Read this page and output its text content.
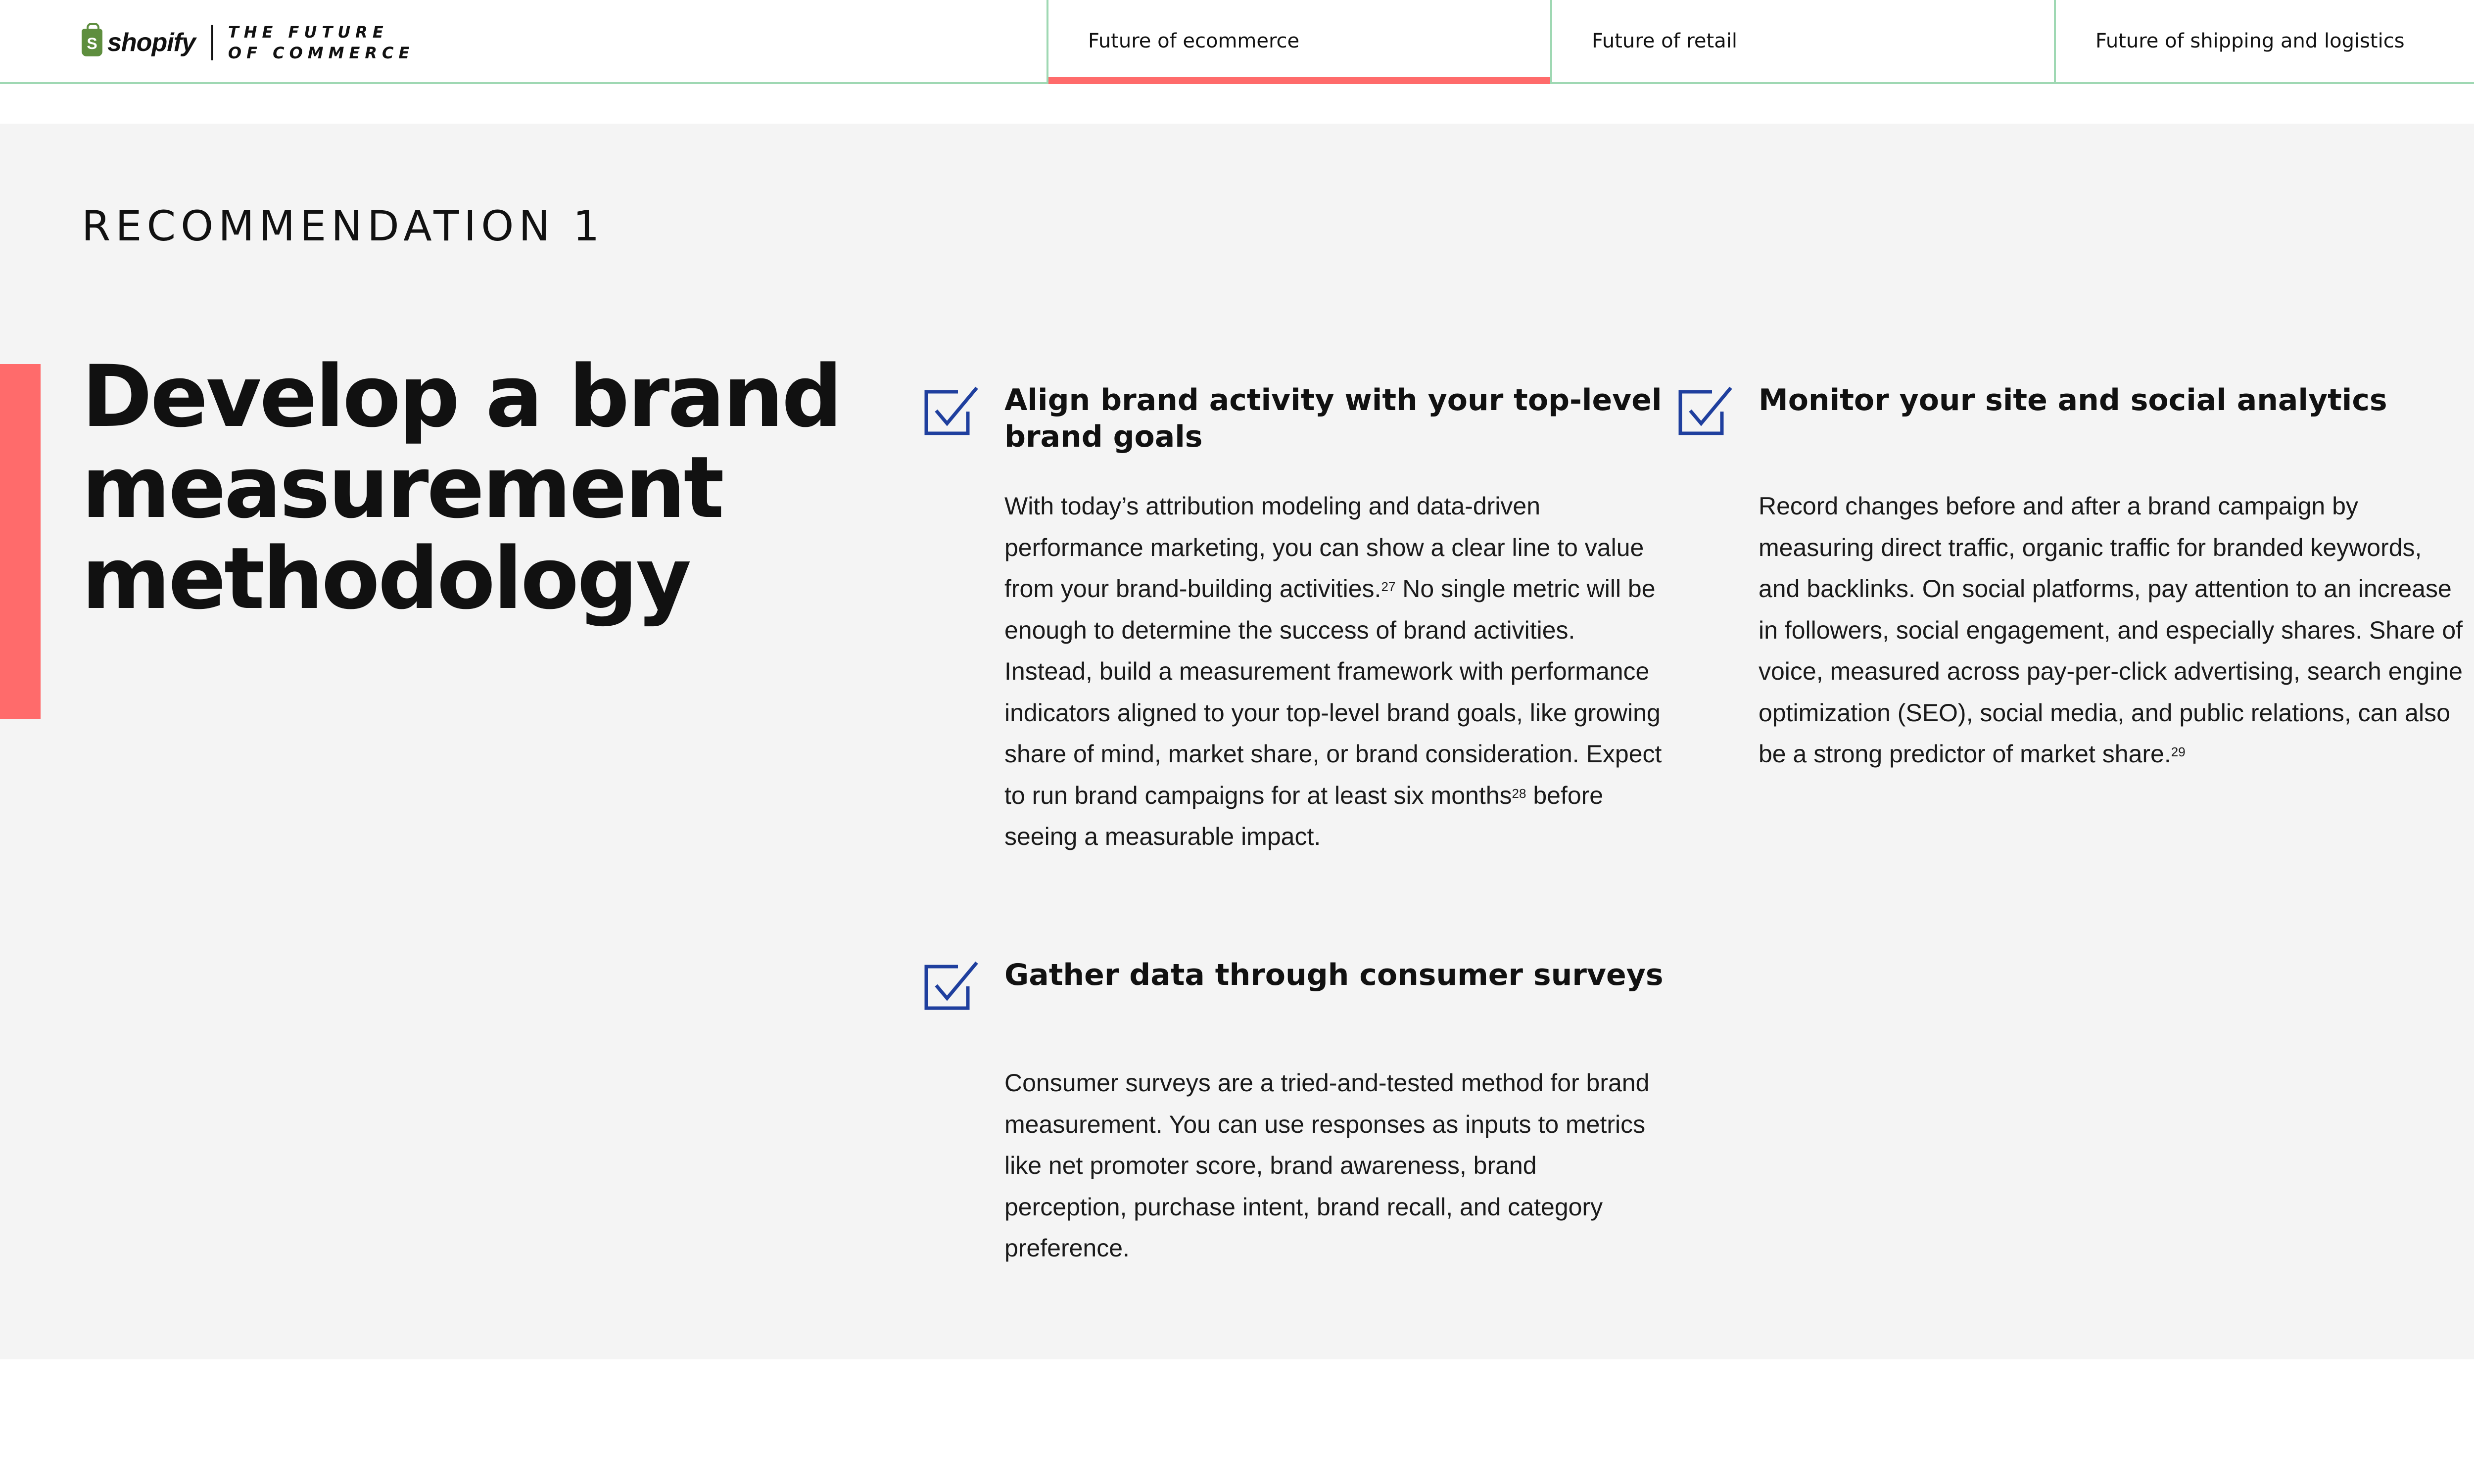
S shopify THE FUTURE
OF COMMERCE
Future of ecommerce	Future of retail	Future of shipping and logistics
RECOMMENDATION 1
Develop a brand measurement methodology
Align brand activity with your top-level brand goals

With today’s attribution modeling and data-driven performance marketing, you can show a clear line to value from your brand-building activities.$^{27}$ No single metric will be enough to determine the success of brand activities. Instead, build a measurement framework with performance indicators aligned to your top-level brand goals, like growing share of mind, market share, or brand consideration. Expect to run brand campaigns for at least six months$^{28}$ before seeing a measurable impact.

Monitor your site and social analytics

Record changes before and after a brand campaign by measuring direct traffic, organic traffic for branded keywords, and backlinks. On social platforms, pay attention to an increase in followers, social engagement, and especially shares. Share of voice, measured across pay-per-click advertising, search engine optimization (SEO), social media, and public relations, can also be a strong predictor of market share.$^{29}$

Gather data through consumer surveys

Consumer surveys are a tried-and-tested method for brand measurement. You can use responses as inputs to metrics like net promoter score, brand awareness, brand perception, purchase intent, brand recall, and category preference.
